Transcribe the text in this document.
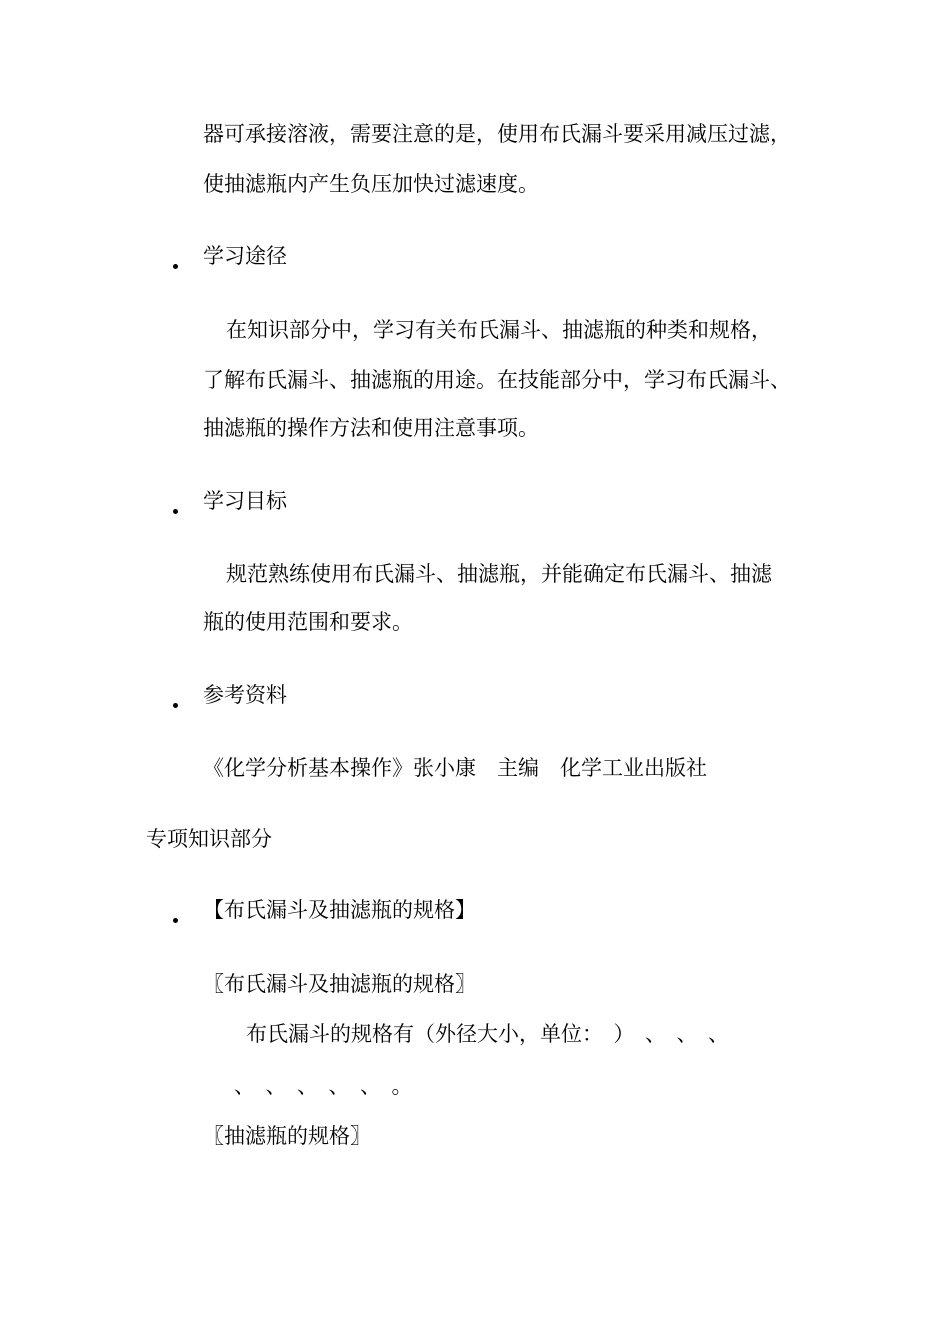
器可承接溶液，需要注意的是，使用布氏漏斗要采用减压过滤，

使抽滤瓶内产生负压加快过滤速度。

学习途径

在知识部分中，学习有关布氏漏斗、抽滤瓶的种类和规格，

了解布氏漏斗、抽滤瓶的用途。在技能部分中，学习布氏漏斗、

抽滤瓶的操作方法和使用注意事项。

学习目标

规范熟练使用布氏漏斗、抽滤瓶，并能确定布氏漏斗、抽滤

瓶的使用范围和要求。

参考资料

《化学分析基本操作》张小康　主编　化学工业出版社

专项知识部分

【布氏漏斗及抽滤瓶的规格】

〖布氏漏斗及抽滤瓶的规格〗

布氏漏斗的规格有（外径大小，单位：　）　、　、　、

、　、　、　、　、　。

〖抽滤瓶的规格〗
